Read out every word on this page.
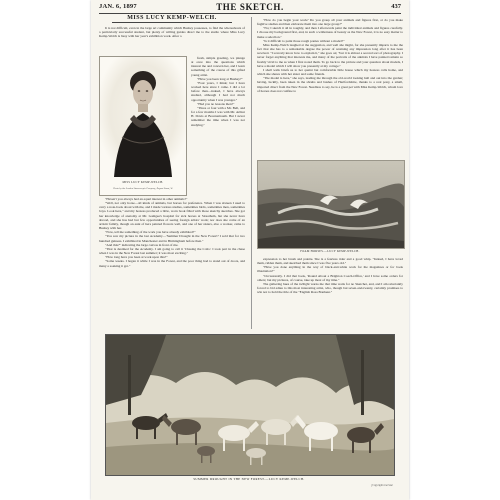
JAN. 6, 1897	THE SKETCH.	437
MISS LUCY KEMP-WELCH.

It is not difficult, even in the large art community which Bushey possesses, to find the whereabouts of a particularly successful student, but plenty of willing guides direct me to the studio where Miss Lucy Kemp-Welch is busy with her year's exhibition work. After a

MISS LUCY KEMP-WELCH.
Photo by the London Stereoscopic Company, Regent Street, W.

fresh, simple greeting, we plunge at once into the questions which interest me and concern her, and I learn something of the course of this gifted young artist.

"Have you been long at Bushey?"

"Four years, I think; but I have worked here since I came. I did a lot before then—indeed, I have always studied, although I had not much opportunity when I was younger."

"Had you no lessons then?"

"Three or four with a Mr. Bell, and for a few months I was with Mr. Arthur H. Davis at Bournemouth. But I never remember the time when I was not studying."

"Haven't you always had an equal interest in other animals?"

"Well, not only horse—all kinds of animals, but horses for preference. When I was sixteen I used to carry a note-book about with me, and I made various studies, sometimes birds, sometimes men, sometimes boys. Look here," and my hostess produced a little, worn book filled with those sketchy sketches. She got her knowledge of anatomy at Mr. Gamgee's hospital for sick horses at Streatham, but she never have abroad, and she has had but few opportunities of seeing foreign artists' work; nor does she come of an artistic family, though an aunt of hers painted flowers well, and one of her sisters, also a worker, came to Bushey with her.

"Now, tell me something of the work you have already exhibited?"

"You saw my picture in the last Academy—'Summer Drought in the New Forest'? I sold that for two hundred guineas. I exhibited in Manchester and in Birmingham before then."

"And this?" indicating the large canvas in front of me.

"That is destined for the Academy. I am going to call it 'Chasing the Colts.' I took part in the chase when I was in the New Forest last summer; it was most exciting."

"How long have you been at work upon this?"

"Some weeks. I began it while I was in the Forest, and the poor thing had to stand out of doors, and many a soaking it got."

"How do you begin your work? Do you group all your animals and figures first, or do you make fugitive studies and then elaborate them into one large group?"

"No; I sketch it all in roughly, and then I afterwards paint the individual animals and figures carefully. I choose my background first, and, in such a wilderness of beauty as the New Forest, it is no easy matter to make a selection."

"Is it difficult to paint those rough ponies without a model?"

Miss Kemp-Welch laughed at the suggestion, and well she might, for she presently imparts to me the fact that she has to a remarkable degree the power of retaining any impression long after it has been received. "I scarcely know how to explain it," she goes on; "but it is almost a second sort of photography. I never forget anything that interests me, and many of the portraits of the animals I have painted remain so freshly vivid to me as when I first noted them. To go back to the picture and your question about models, I have a model which I will show you presently at my cottage."

I shall walk briefs us to her quaint but comfortable little house which my hostess calls home, and which she shares with her sister and some friends.

"The model is here," she says, leading me through the old-world looking hall and out into the garden; having, luckily, been taken in the shrubs and bushes of Hertfordshire, thanks to a real pony, a small, imported direct from the New Forest. Needless to say, he is a great pet with Miss Kemp-Welch, whom love of horses does not confine to

FOAM HORSES.—LUCY KEMP-WELCH.

expression to her brush and palette. She is a fearless rider and a good whip. "Indeed, I have loved them, ridden them, and sketched them since I was five years old."

"Have you done anything in the way of black-and-white work for the magazines or for book illustration?"

"Occasionally. I did that book, 'Round About a Brighton Coach-Office,' and I have some orders for others; but my pictures, of course, take up most of my time."

The gathering hues of the twilight warns me that time waits for no Sketcher, and, and I am reluctantly forced to bid adieu to this most interesting artist, who, though but seven-and-twenty, certainly promises to win not to hold the title of the "English Rosa Bonheur."

SUMMER DROUGHT IN THE NEW FOREST.—LUCY KEMP-WELCH.
[Copyright reserved.
